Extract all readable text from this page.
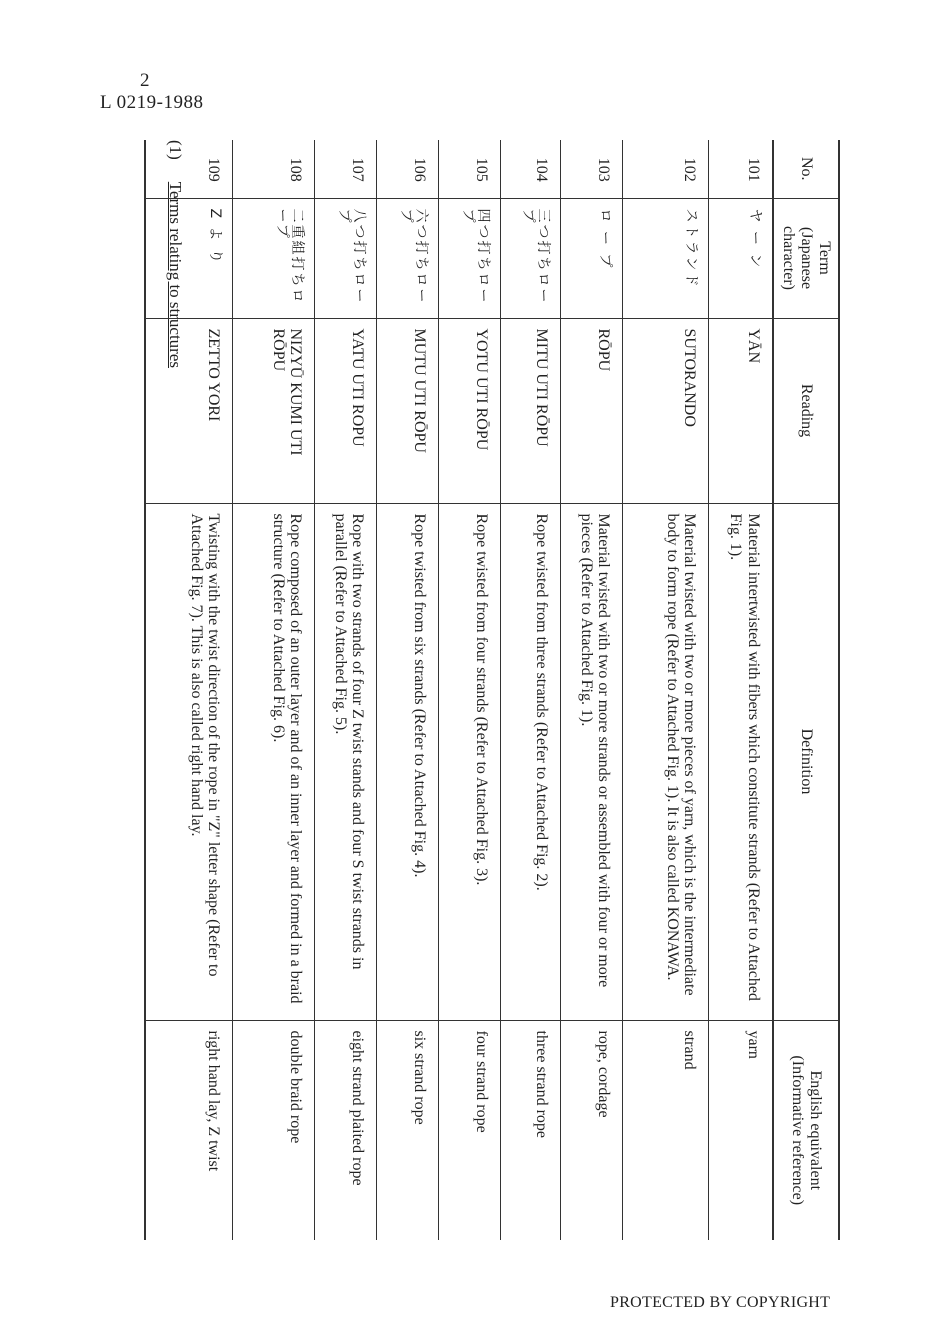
2
L 0219-1988
(1) Terms relating to structures
No.	Term
(Japanese character)	Reading	Definition	English equivalent
(Informative reference)

101	ヤ ー ン	YĀN	Material intertwisted with fibers which constitute strands (Refer to Attached Fig. 1).	yarn
102	ストランド	SUTORANDO	Material twisted with two or more pieces of yarn, which is the intermediate body to form rope (Refer to Attached Fig. 1). It is also called KONAWA.	strand
103	ロ ー プ	RŌPU	Material twisted with two or more strands or assembled with four or more pieces (Refer to Attached Fig. 1).	rope, cordage
104	三つ打ちロープ	MITU UTI RŌPU	Rope twisted from three strands (Refer to Attached Fig. 2).	three strand rope
105	四つ打ちロープ	YOTU UTI RŌPU	Rope twisted from four strands (Refer to Attached Fig. 3).	four strand rope
106	六つ打ちロープ	MUTU UTI RŌPU	Rope twisted from six strands (Refer to Attached Fig. 4).	six strand rope
107	八つ打ちロープ	YATU UTI ROPU	Rope with two strands of four Z twist stands and four S twist strands in parallel (Refer to Attached Fig. 5).	eight strand plaited rope
108	二重組打ちロープ	NIZYŪ KUMI UTI RŌPU	Rope composed of an outer layer and of an inner layer and formed in a braid structure (Refer to Attached Fig. 6).	double braid rope
109	Z よ り	ZETTO YORI	Twisting with the twist direction of the rope in "Z" letter shape (Refer to Attached Fig. 7). This is also called right hand lay.	right hand lay, Z twist
PROTECTED BY COPYRIGHT
